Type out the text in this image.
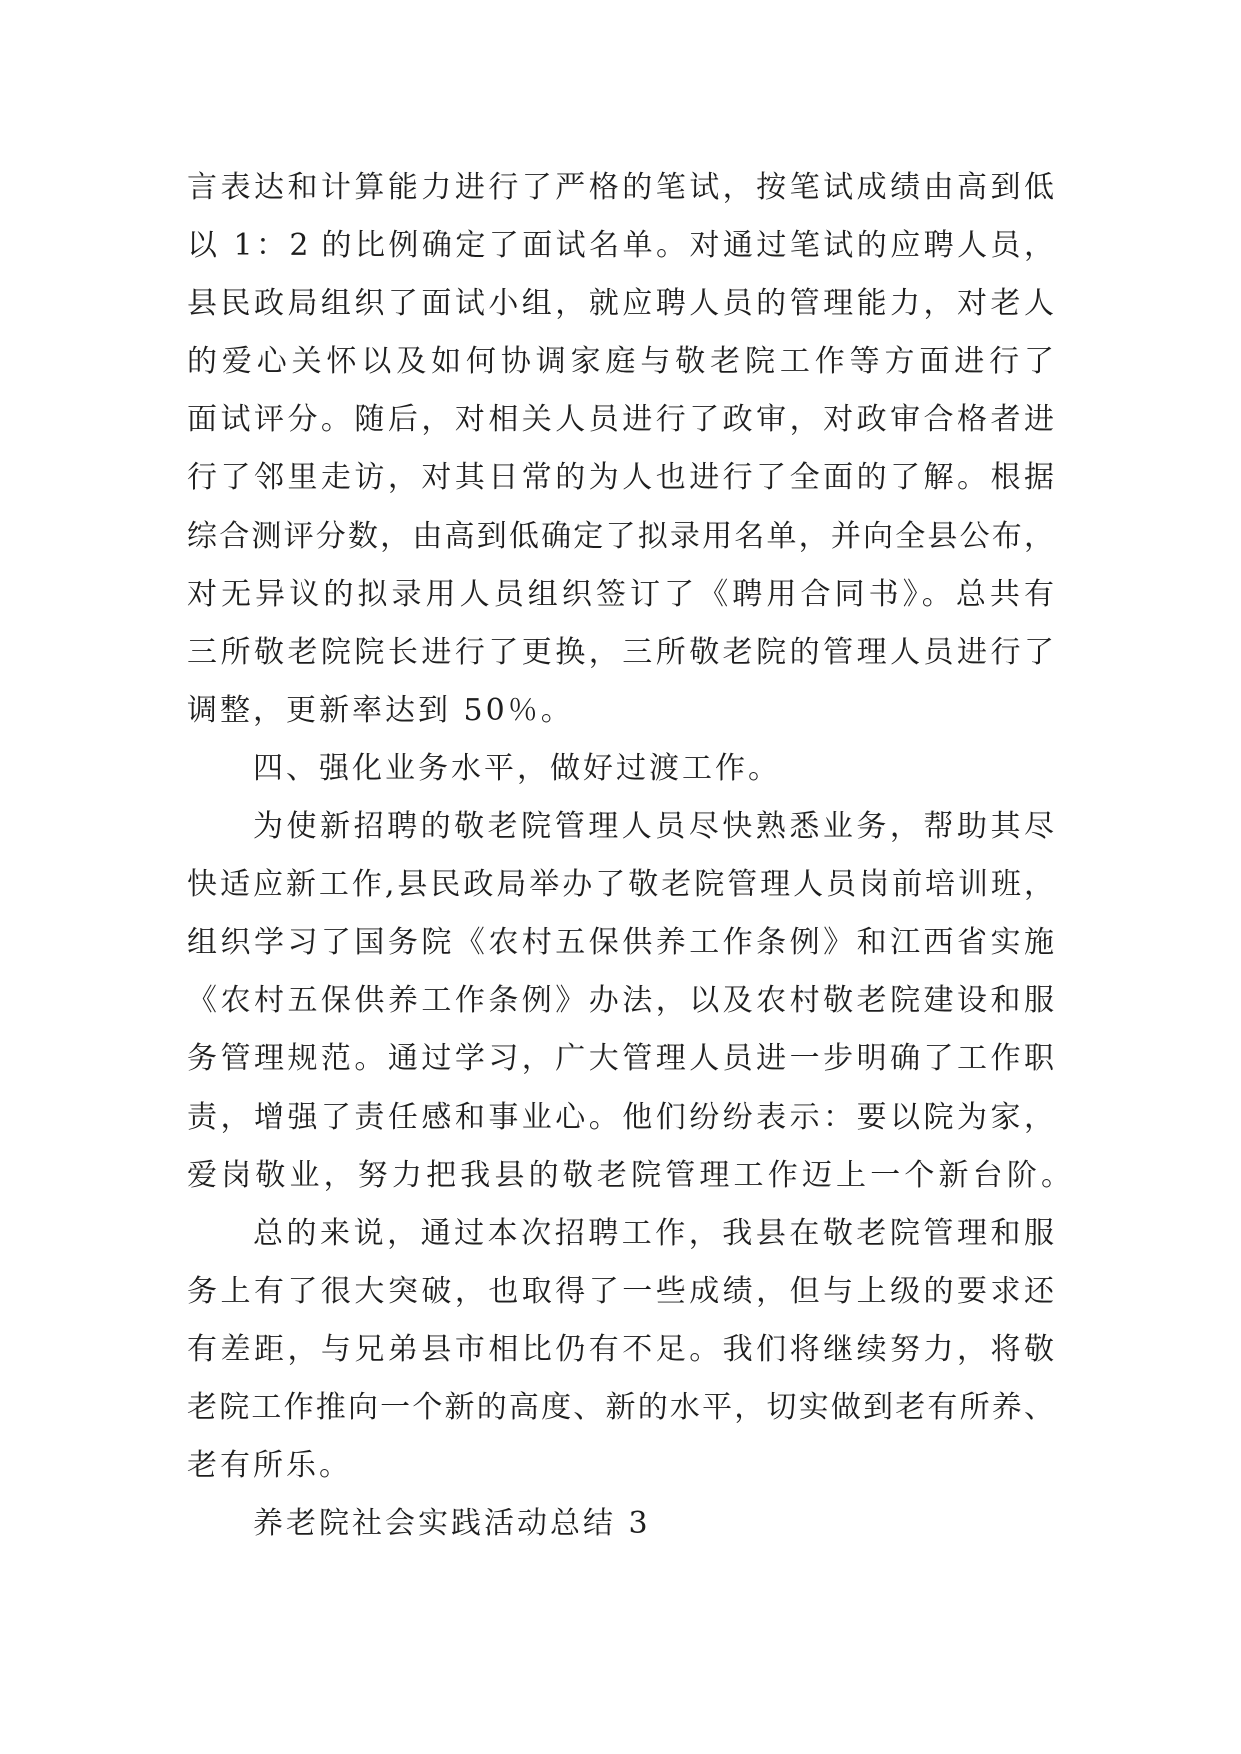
言表达和计算能力进行了严格的笔试，按笔试成绩由高到低
以 1：2 的比例确定了面试名单。对通过笔试的应聘人员，
县民政局组织了面试小组，就应聘人员的管理能力，对老人
的爱心关怀以及如何协调家庭与敬老院工作等方面进行了
面试评分。随后，对相关人员进行了政审，对政审合格者进
行了邻里走访，对其日常的为人也进行了全面的了解。根据
综合测评分数，由高到低确定了拟录用名单，并向全县公布，
对无异议的拟录用人员组织签订了《聘用合同书》。总共有
三所敬老院院长进行了更换，三所敬老院的管理人员进行了
调整，更新率达到 50％。
四、强化业务水平，做好过渡工作。
为使新招聘的敬老院管理人员尽快熟悉业务，帮助其尽
快适应新工作,县民政局举办了敬老院管理人员岗前培训班，
组织学习了国务院《农村五保供养工作条例》和江西省实施
《农村五保供养工作条例》办法，以及农村敬老院建设和服
务管理规范。通过学习，广大管理人员进一步明确了工作职
责，增强了责任感和事业心。他们纷纷表示：要以院为家，
爱岗敬业，努力把我县的敬老院管理工作迈上一个新台阶。
总的来说，通过本次招聘工作，我县在敬老院管理和服
务上有了很大突破，也取得了一些成绩，但与上级的要求还
有差距，与兄弟县市相比仍有不足。我们将继续努力，将敬
老院工作推向一个新的高度、新的水平，切实做到老有所养、
老有所乐。
养老院社会实践活动总结 3
